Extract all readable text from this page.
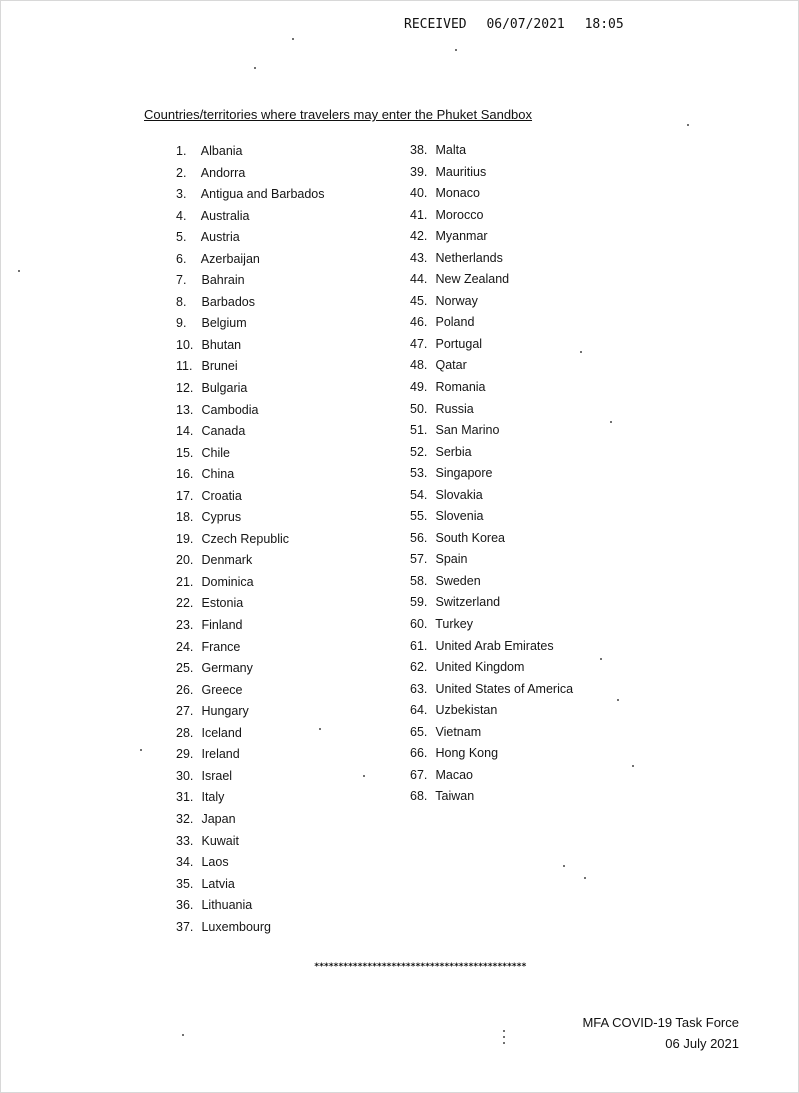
RECEIVED 06/07/2021 18:05
Countries/territories where travelers may enter the Phuket Sandbox
1. Albania
2. Andorra
3. Antigua and Barbados
4. Australia
5. Austria
6. Azerbaijan
7. Bahrain
8. Barbados
9. Belgium
10. Bhutan
11. Brunei
12. Bulgaria
13. Cambodia
14. Canada
15. Chile
16. China
17. Croatia
18. Cyprus
19. Czech Republic
20. Denmark
21. Dominica
22. Estonia
23. Finland
24. France
25. Germany
26. Greece
27. Hungary
28. Iceland
29. Ireland
30. Israel
31. Italy
32. Japan
33. Kuwait
34. Laos
35. Latvia
36. Lithuania
37. Luxembourg
38. Malta
39. Mauritius
40. Monaco
41. Morocco
42. Myanmar
43. Netherlands
44. New Zealand
45. Norway
46. Poland
47. Portugal
48. Qatar
49. Romania
50. Russia
51. San Marino
52. Serbia
53. Singapore
54. Slovakia
55. Slovenia
56. South Korea
57. Spain
58. Sweden
59. Switzerland
60. Turkey
61. United Arab Emirates
62. United Kingdom
63. United States of America
64. Uzbekistan
65. Vietnam
66. Hong Kong
67. Macao
68. Taiwan
********************************************
MFA COVID-19 Task Force
06 July 2021
